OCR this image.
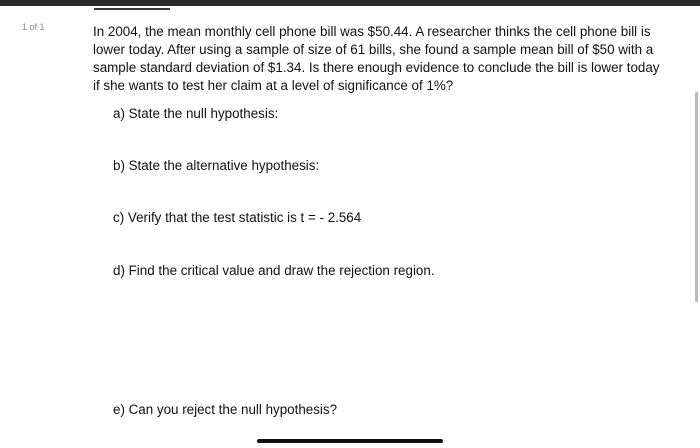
1 of 1	In 2004, the mean monthly cell phone bill was $50.44. A researcher thinks the cell phone bill is lower today. After using a sample of size of 61 bills, she found a sample mean bill of $50 with a sample standard deviation of $1.34. Is there enough evidence to conclude the bill is lower today if she wants to test her claim at a level of significance of 1%?

a) State the null hypothesis:
b) State the alternative hypothesis:
c) Verify that the test statistic is t = - 2.564
d) Find the critical value and draw the rejection region.
e) Can you reject the null hypothesis?
